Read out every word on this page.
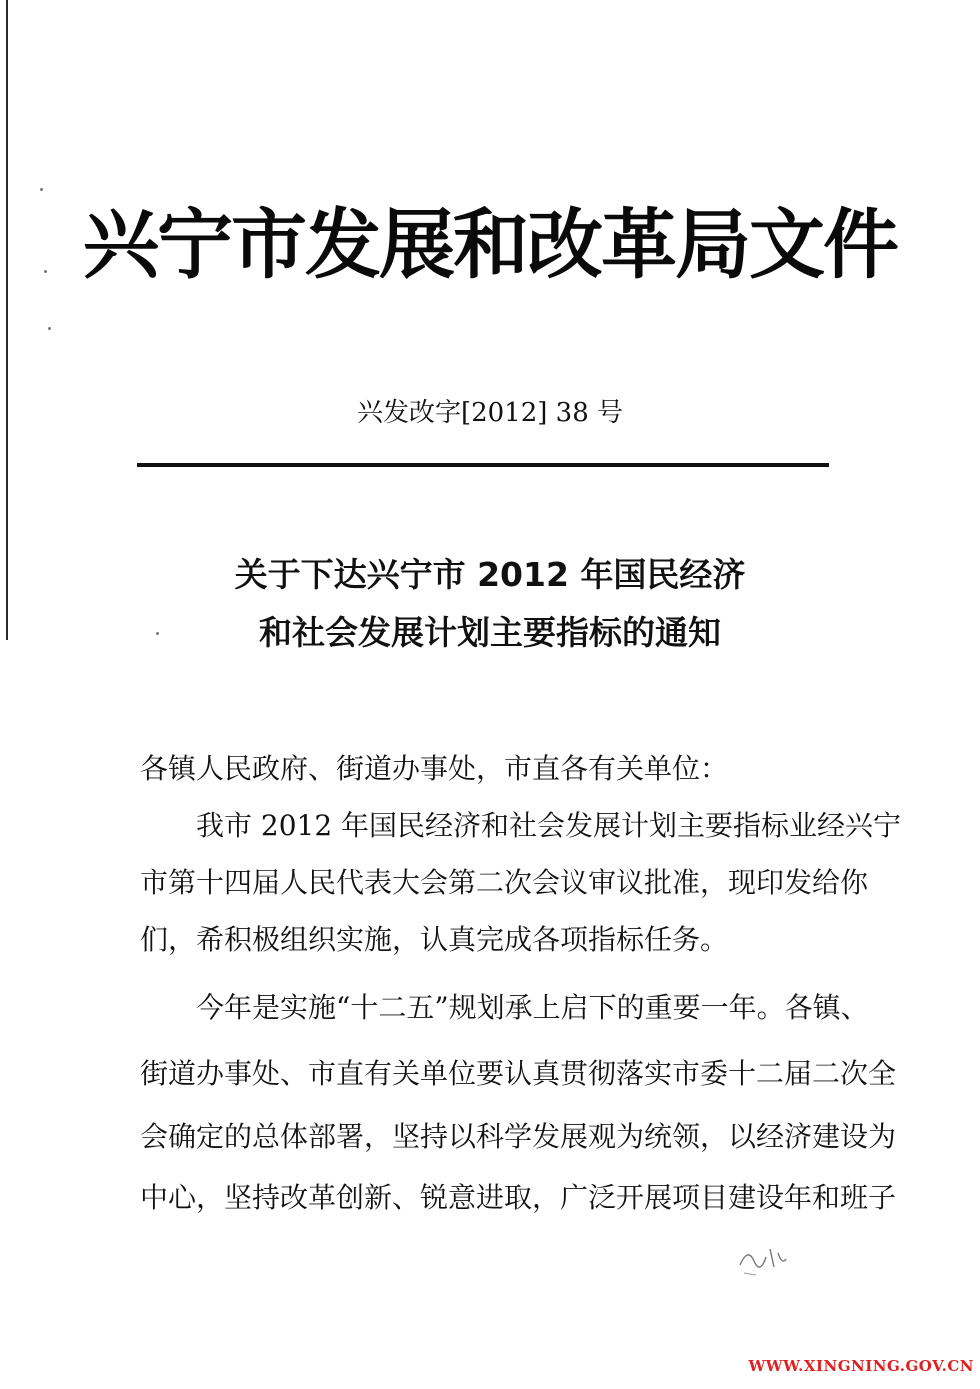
兴宁市发展和改革局文件
兴发改字[2012] 38 号
关于下达兴宁市 2012 年国民经济
和社会发展计划主要指标的通知
各镇人民政府、街道办事处，市直各有关单位：
　　我市 2012 年国民经济和社会发展计划主要指标业经兴宁
市第十四届人民代表大会第二次会议审议批准，现印发给你
们，希积极组织实施，认真完成各项指标任务。
　　今年是实施“十二五”规划承上启下的重要一年。各镇、
街道办事处、市直有关单位要认真贯彻落实市委十二届二次全
会确定的总体部署，坚持以科学发展观为统领，以经济建设为
中心，坚持改革创新、锐意进取，广泛开展项目建设年和班子
WWW.XINGNING.GOV.CN
